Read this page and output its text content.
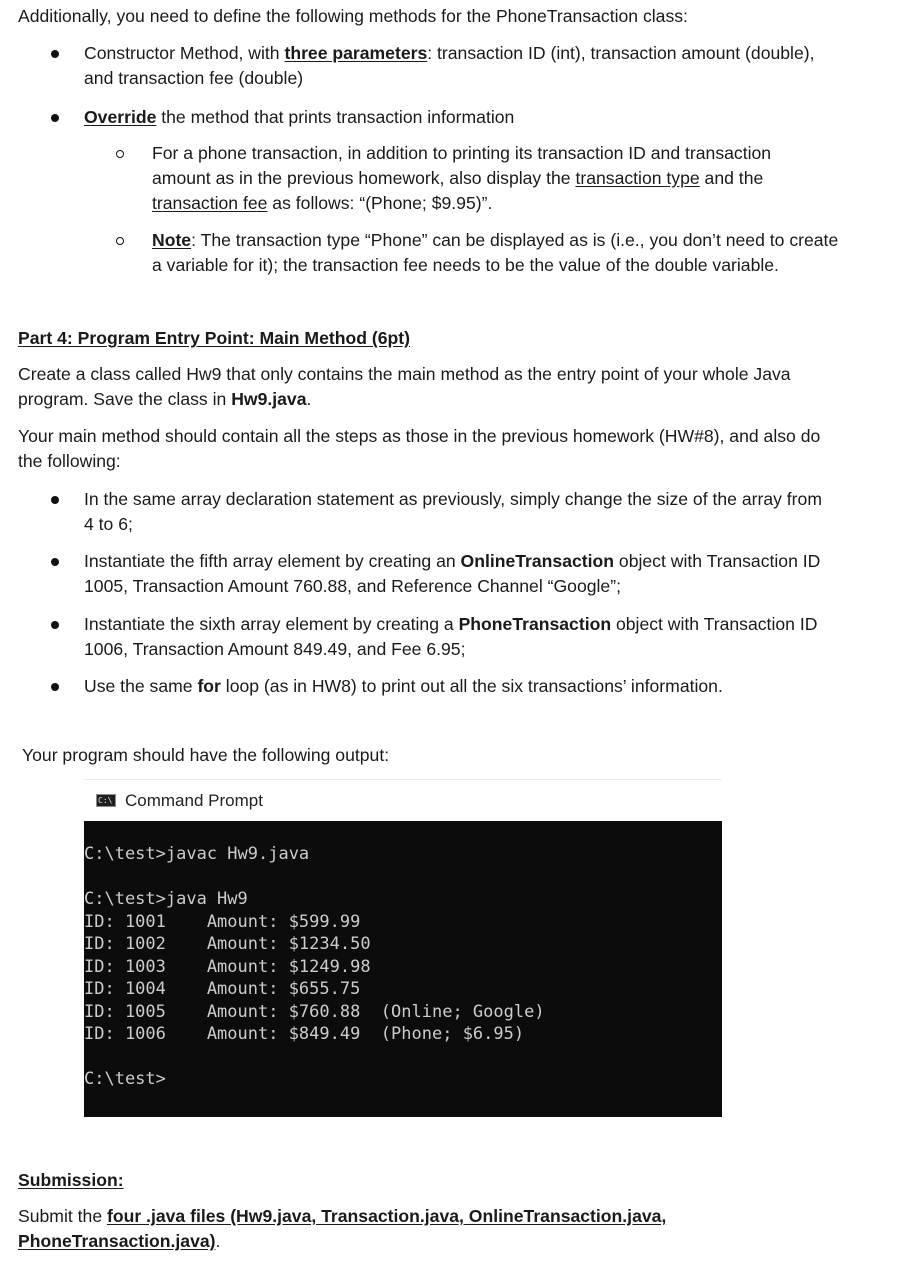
Additionally, you need to define the following methods for the PhoneTransaction class:

Constructor Method, with three parameters: transaction ID (int), transaction amount (double),
and transaction fee (double)

Override the method that prints transaction information

For a phone transaction, in addition to printing its transaction ID and transaction
amount as in the previous homework, also display the transaction type and the
transaction fee as follows: “(Phone; $9.95)”.

Note: The transaction type “Phone” can be displayed as is (i.e., you don’t need to create
a variable for it); the transaction fee needs to be the value of the double variable.

Part 4: Program Entry Point: Main Method (6pt)

Create a class called Hw9 that only contains the main method as the entry point of your whole Java
program. Save the class in Hw9.java.

Your main method should contain all the steps as those in the previous homework (HW#8), and also do
the following:

In the same array declaration statement as previously, simply change the size of the array from
4 to 6;

Instantiate the fifth array element by creating an OnlineTransaction object with Transaction ID
1005, Transaction Amount 760.88, and Reference Channel “Google”;

Instantiate the sixth array element by creating a PhoneTransaction object with Transaction ID
1006, Transaction Amount 849.49, and Fee 6.95;

Use the same for loop (as in HW8) to print out all the six transactions’ information.

Your program should have the following output:

C:\ Command Prompt

C:\test>javac Hw9.java

C:\test>java Hw9

ID: 1001    Amount: $599.99

ID: 1002    Amount: $1234.50

ID: 1003    Amount: $1249.98

ID: 1004    Amount: $655.75

ID: 1005    Amount: $760.88  (Online; Google)

ID: 1006    Amount: $849.49  (Phone; $6.95)

C:\test>

Submission:

Submit the four .java files (Hw9.java, Transaction.java, OnlineTransaction.java,
PhoneTransaction.java).
